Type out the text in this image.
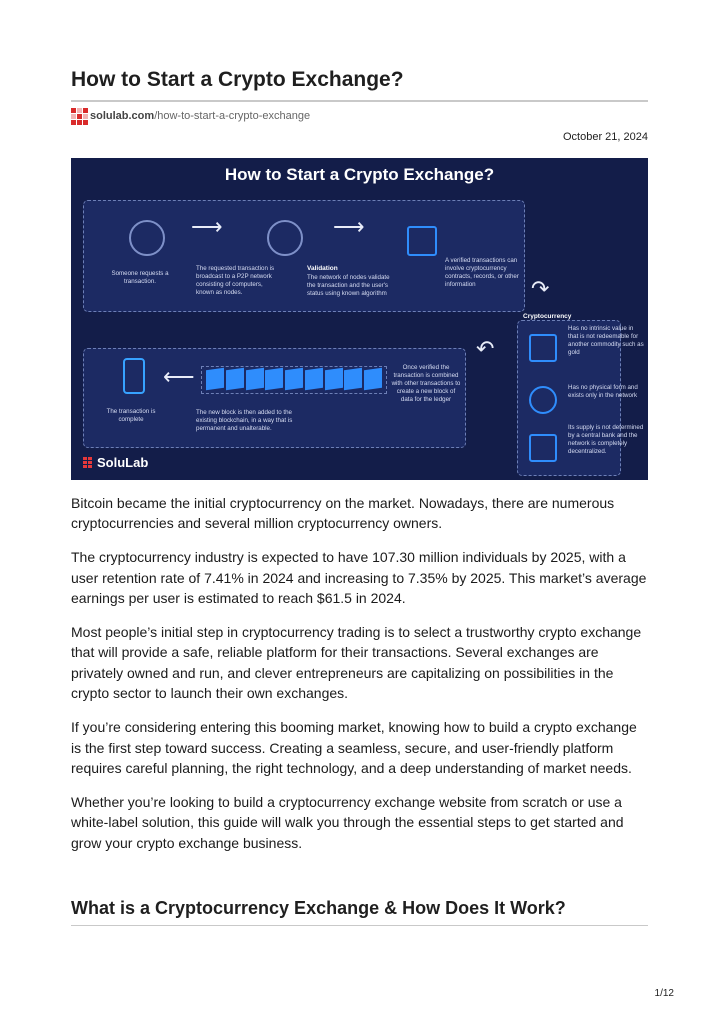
How to Start a Crypto Exchange?
solulab.com /how-to-start-a-crypto-exchange
October 21, 2024
How to Start a Crypto Exchange?
⟶	⟶
↷
↶
⟵
Someone requests a transaction.
The requested transaction is broadcast to a P2P network consisting of computers, known as nodes.
Validation
The network of nodes validate the transaction and the user's status using known algorithm
A verified transactions can involve cryptocurrency contracts, records, or other information
Once verified the transaction is combined with other transactions to create a new block of data for the ledger
The new block is then added to the existing blockchain, in a way that is permanent and unalterable.
The transaction is complete
Cryptocurrency
Has no intrinsic value in that is not redeemable for another commodity such as gold
Has no physical form and exists only in the network
Its supply is not determined by a central bank and the network is completely decentralized.
SoluLab

Bitcoin became the initial cryptocurrency on the market. Nowadays, there are numerous cryptocurrencies and several million cryptocurrency owners.

The cryptocurrency industry is expected to have 107.30 million individuals by 2025, with a user retention rate of 7.41% in 2024 and increasing to 7.35% by 2025. This market’s average earnings per user is estimated to reach $61.5 in 2024.

Most people’s initial step in cryptocurrency trading is to select a trustworthy crypto exchange that will provide a safe, reliable platform for their transactions. Several exchanges are privately owned and run, and clever entrepreneurs are capitalizing on possibilities in the crypto sector to launch their own exchanges.

If you’re considering entering this booming market, knowing how to build a crypto exchange is the first step toward success. Creating a seamless, secure, and user-friendly platform requires careful planning, the right technology, and a deep understanding of market needs.

Whether you’re looking to build a cryptocurrency exchange website from scratch or use a white-label solution, this guide will walk you through the essential steps to get started and grow your crypto exchange business.

What is a Cryptocurrency Exchange & How Does It Work?
1/12
